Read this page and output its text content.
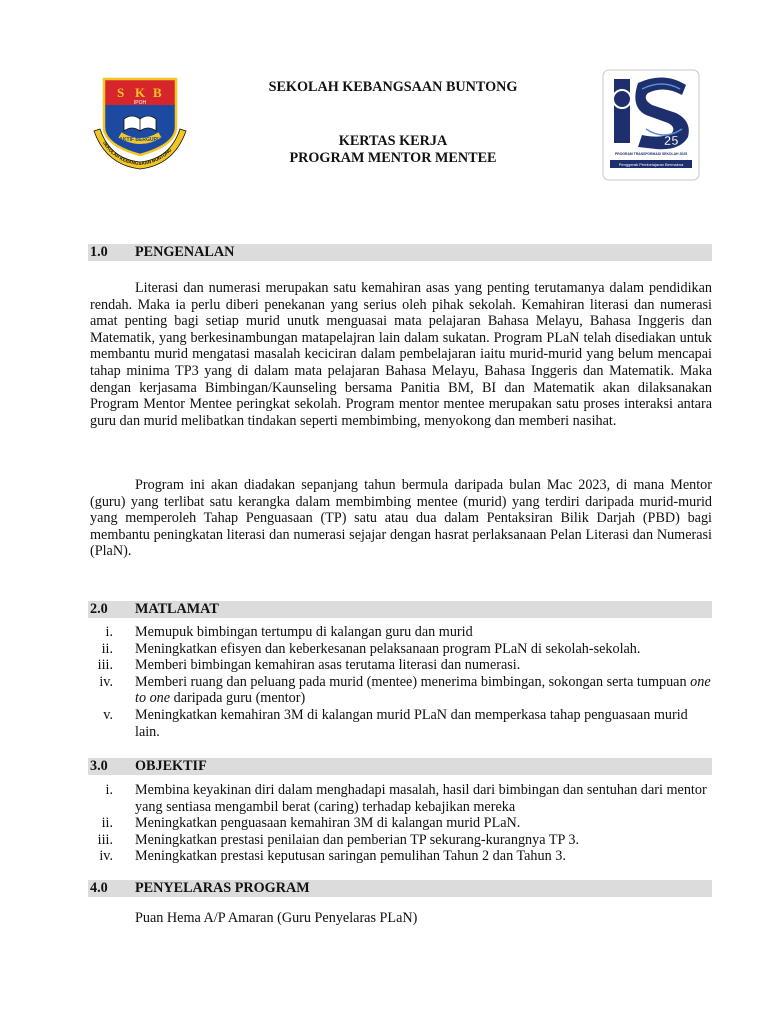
S K B
IPOH
AKTIF BERGURU
SEKOLAH KEBANGSAAN BUNTONG
SEKOLAH KEBANGSAAN BUNTONG
KERTAS KERJA
PROGRAM MENTOR MENTEE
25
PROGRAM TRANSFORMASI SEKOLAH 2025
Penggerak Pembelajaran Bermakna
1.0 PENGENALAN

Literasi dan numerasi merupakan satu kemahiran asas yang penting terutamanya dalam pendidikan rendah. Maka ia perlu diberi penekanan yang serius oleh pihak sekolah. Kemahiran literasi dan numerasi amat penting bagi setiap murid unutk menguasai mata pelajaran Bahasa Melayu, Bahasa Inggeris dan Matematik, yang berkesinambungan matapelajran lain dalam sukatan. Program PLaN telah disediakan untuk membantu murid mengatasi masalah keciciran dalam pembelajaran iaitu murid-murid yang belum mencapai tahap minima TP3 yang di dalam mata pelajaran Bahasa Melayu, Bahasa Inggeris dan Matematik. Maka dengan kerjasama Bimbingan/Kaunseling bersama Panitia BM, BI dan Matematik akan dilaksanakan Program Mentor Mentee peringkat sekolah. Program mentor mentee merupakan satu proses interaksi antara guru dan murid melibatkan tindakan seperti membimbing, menyokong dan memberi nasihat.

Program ini akan diadakan sepanjang tahun bermula daripada bulan Mac 2023, di mana Mentor (guru) yang terlibat satu kerangka dalam membimbing mentee (murid) yang terdiri daripada murid-murid yang memperoleh Tahap Penguasaan (TP) satu atau dua dalam Pentaksiran Bilik Darjah (PBD) bagi membantu peningkatan literasi dan numerasi sejajar dengan hasrat perlaksanaan Pelan Literasi dan Numerasi (PlaN).

2.0 MATLAMAT
i. Memupuk bimbingan tertumpu di kalangan guru dan murid
ii. Meningkatkan efisyen dan keberkesanan pelaksanaan program PLaN di sekolah-sekolah.
iii. Memberi bimbingan kemahiran asas terutama literasi dan numerasi.
iv. Memberi ruang dan peluang pada murid (mentee) menerima bimbingan, sokongan serta tumpuan one to one daripada guru (mentor)
v. Meningkatkan kemahiran 3M di kalangan murid PLaN dan memperkasa tahap penguasaan murid lain.
3.0 OBJEKTIF
i. Membina keyakinan diri dalam menghadapi masalah, hasil dari bimbingan dan sentuhan dari mentor yang sentiasa mengambil berat (caring) terhadap kebajikan mereka
ii. Meningkatkan penguasaan kemahiran 3M di kalangan murid PLaN.
iii. Meningkatkan prestasi penilaian dan pemberian TP sekurang-kurangnya TP 3.
iv. Meningkatkan prestasi keputusan saringan pemulihan Tahun 2 dan Tahun 3.
4.0 PENYELARAS PROGRAM
Puan Hema A/P Amaran (Guru Penyelaras PLaN)
